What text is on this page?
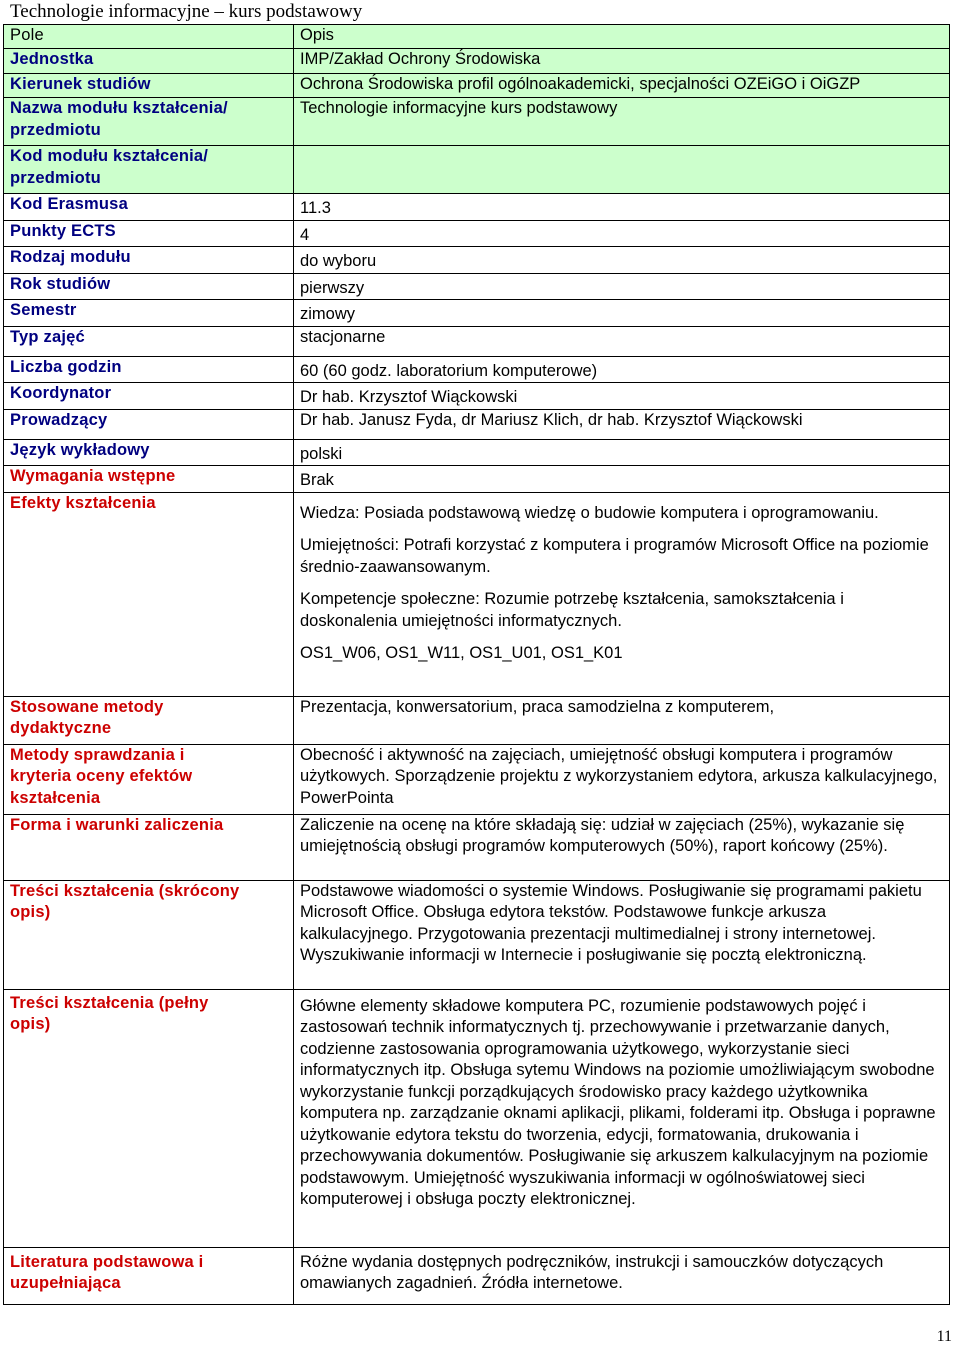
Technologie informacyjne – kurs podstawowy
Pole	Opis
Jednostka	IMP/Zakład Ochrony Środowiska
Kierunek studiów	Ochrona Środowiska profil ogólnoakademicki, specjalności OZEiGO i OiGZP

Nazwa modułu kształcenia/
przedmiotu	Technologie informacyjne kurs podstawowy

Kod modułu kształcenia/
przedmiotu	

Kod Erasmusa	11.3
Punkty ECTS	4
Rodzaj modułu	do wyboru
Rok studiów	pierwszy
Semestr	zimowy
Typ zajęć	stacjonarne
Liczba godzin	60 (60 godz. laboratorium komputerowe)
Koordynator	Dr hab. Krzysztof Wiąckowski
Prowadzący	Dr hab. Janusz Fyda, dr Mariusz Klich, dr hab. Krzysztof Wiąckowski
Język wykładowy	polski
Wymagania wstępne	Brak
Efekty kształcenia	Wiedza: Posiada podstawową wiedzę o budowie komputera i oprogramowaniu.
Umiejętności: Potrafi korzystać z komputera i programów Microsoft Office na poziomie średnio-zaawansowanym.
Kompetencje społeczne: Rozumie potrzebę kształcenia, samokształcenia i doskonalenia umiejętności informatycznych.
OS1_W06, OS1_W11, OS1_U01, OS1_K01

Stosowane metody
dydaktyczne	Prezentacja, konwersatorium, praca samodzielna z komputerem,

Metody sprawdzania i
kryteria oceny efektów
kształcenia	Obecność i aktywność na zajęciach, umiejętność obsługi komputera i programów użytkowych. Sporządzenie projektu z wykorzystaniem edytora, arkusza kalkulacyjnego, PowerPointa
Forma i warunki zaliczenia	Zaliczenie na ocenę na które składają się: udział w zajęciach (25%), wykazanie się umiejętnością obsługi programów komputerowych (50%), raport końcowy (25%).

Treści kształcenia (skrócony
opis)	Podstawowe wiadomości o systemie Windows. Posługiwanie się programami pakietu Microsoft Office. Obsługa edytora tekstów. Podstawowe funkcje arkusza kalkulacyjnego. Przygotowania prezentacji multimedialnej i strony internetowej. Wyszukiwanie informacji w Internecie i posługiwanie się pocztą elektroniczną.

Treści kształcenia (pełny
opis)	Główne elementy składowe komputera PC, rozumienie podstawowych pojęć i zastosowań technik informatycznych tj. przechowywanie i przetwarzanie danych, codzienne zastosowania oprogramowania użytkowego, wykorzystanie sieci informatycznych itp. Obsługa sytemu Windows na poziomie umożliwiającym swobodne wykorzystanie funkcji porządkujących środowisko pracy każdego użytkownika komputera np. zarządzanie oknami aplikacji, plikami, folderami itp. Obsługa i poprawne użytkowanie edytora tekstu do tworzenia, edycji, formatowania, drukowania i przechowywania dokumentów. Posługiwanie się arkuszem kalkulacyjnym na poziomie podstawowym. Umiejętność wyszukiwania informacji w ogólnoświatowej sieci komputerowej i obsługa poczty elektronicznej.

Literatura podstawowa i
uzupełniająca	Różne wydania dostępnych podręczników, instrukcji i samouczków dotyczących omawianych zagadnień. Źródła internetowe.
11
